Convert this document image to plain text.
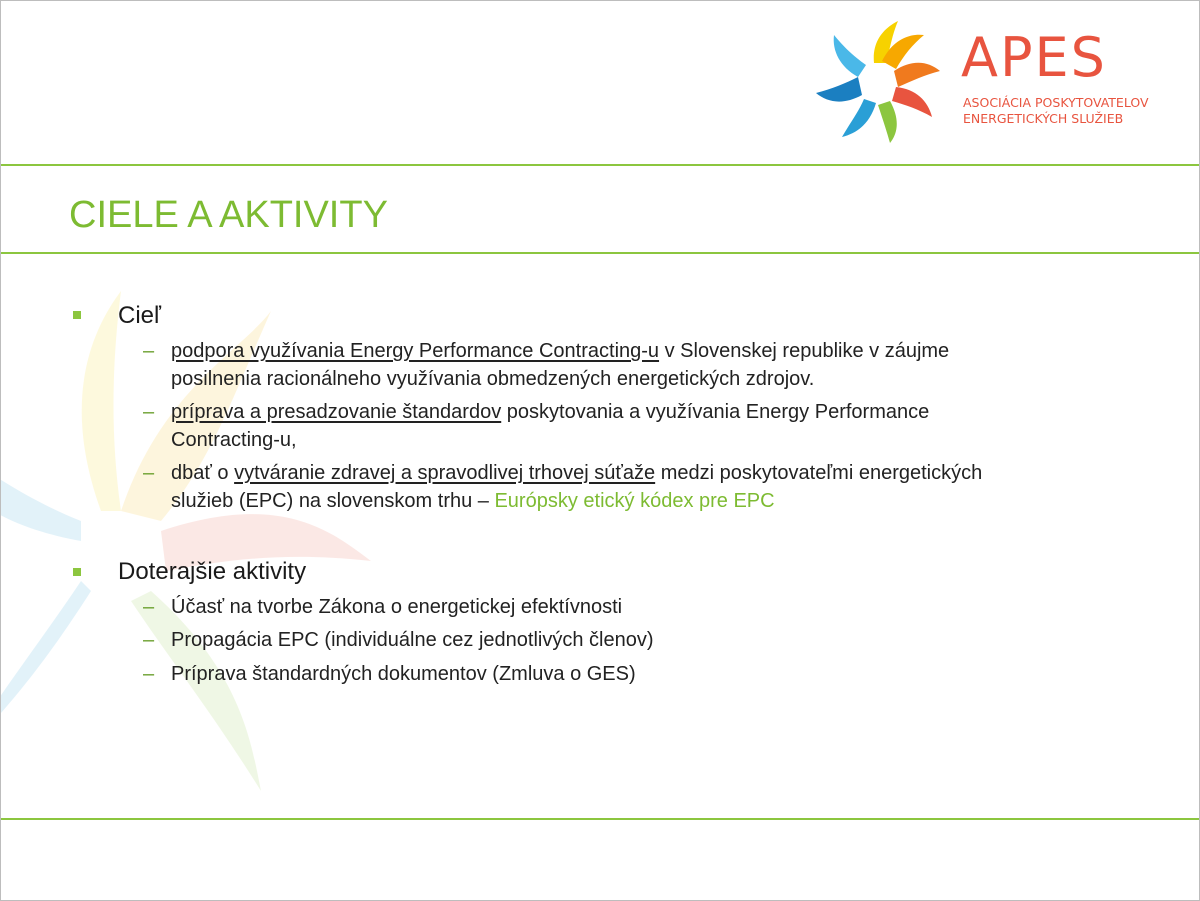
APES
ASOCIÁCIA POSKYTOVATELOV
ENERGETICKÝCH SLUŽIEB
CIELE A AKTIVITY
Cieľ
– podpora využívania Energy Performance Contracting-u v Slovenskej republike v záujme
posilnenia racionálneho využívania obmedzených energetických zdrojov.
– príprava a presadzovanie štandardov poskytovania a využívania Energy Performance
Contracting-u,
– dbať o vytváranie zdravej a spravodlivej trhovej súťaže medzi poskytovateľmi energetických
služieb (EPC) na slovenskom trhu – Európsky etický kódex pre EPC
Doterajšie aktivity
– Účasť na tvorbe Zákona o energetickej efektívnosti
– Propagácia EPC (individuálne cez jednotlivých členov)
– Príprava štandardných dokumentov (Zmluva o GES)
